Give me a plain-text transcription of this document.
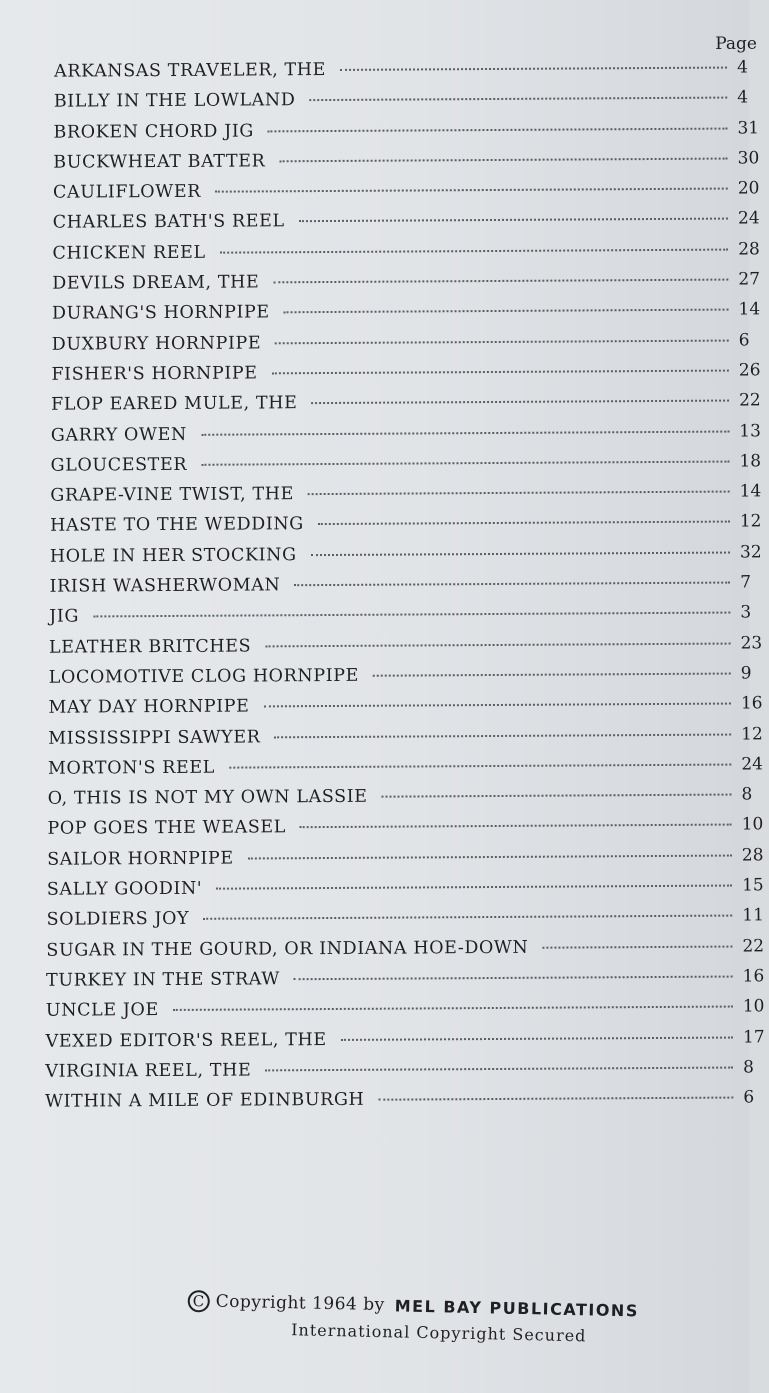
Page
ARKANSAS TRAVELER, THE	4
BILLY IN THE LOWLAND	4
BROKEN CHORD JIG	31
BUCKWHEAT BATTER	30
CAULIFLOWER	20
CHARLES BATH'S REEL	24
CHICKEN REEL	28
DEVILS DREAM, THE	27
DURANG'S HORNPIPE	14
DUXBURY HORNPIPE	6
FISHER'S HORNPIPE	26
FLOP EARED MULE, THE	22
GARRY OWEN	13
GLOUCESTER	18
GRAPE-VINE TWIST, THE	14
HASTE TO THE WEDDING	12
HOLE IN HER STOCKING	32
IRISH WASHERWOMAN	7
JIG	3
LEATHER BRITCHES	23
LOCOMOTIVE CLOG HORNPIPE	9
MAY DAY HORNPIPE	16
MISSISSIPPI SAWYER	12
MORTON'S REEL	24
O, THIS IS NOT MY OWN LASSIE	8
POP GOES THE WEASEL	10
SAILOR HORNPIPE	28
SALLY GOODIN'	15
SOLDIERS JOY	11
SUGAR IN THE GOURD, OR INDIANA HOE-DOWN	22
TURKEY IN THE STRAW	16
UNCLE JOE	10
VEXED EDITOR'S REEL, THE	17
VIRGINIA REEL, THE	8
WITHIN A MILE OF EDINBURGH	6
C Copyright 1964 by MEL BAY PUBLICATIONS
International Copyright Secured
